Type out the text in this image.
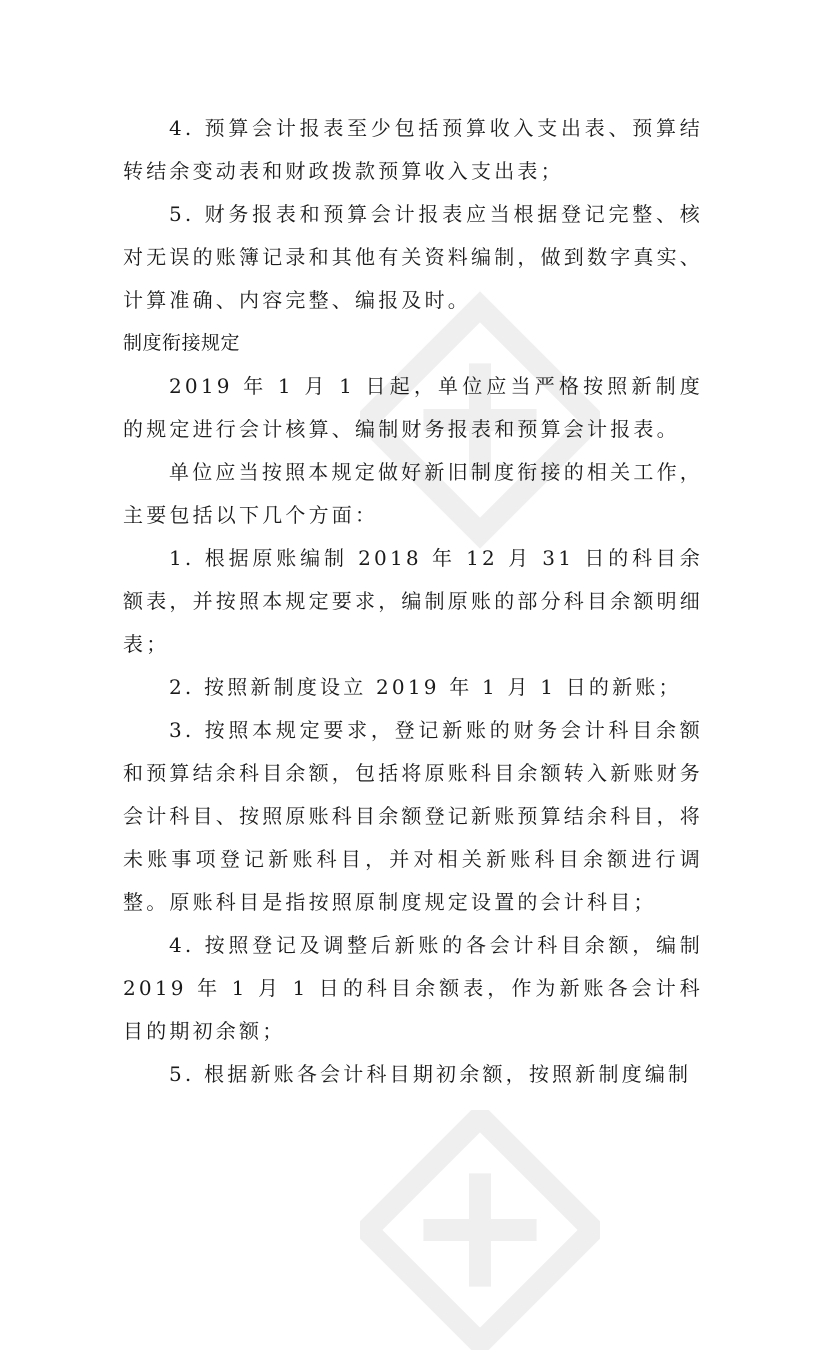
4. 预算会计报表至少包括预算收入支出表、预算结转结余变动表和财政拨款预算收入支出表；

5. 财务报表和预算会计报表应当根据登记完整、核对无误的账簿记录和其他有关资料编制，做到数字真实、计算准确、内容完整、编报及时。

制度衔接规定

2019 年 1 月 1 日起，单位应当严格按照新制度的规定进行会计核算、编制财务报表和预算会计报表。

单位应当按照本规定做好新旧制度衔接的相关工作，主要包括以下几个方面：

1. 根据原账编制 2018 年 12 月 31 日的科目余额表，并按照本规定要求，编制原账的部分科目余额明细表；

2. 按照新制度设立 2019 年 1 月 1 日的新账；

3. 按照本规定要求，登记新账的财务会计科目余额和预算结余科目余额，包括将原账科目余额转入新账财务会计科目、按照原账科目余额登记新账预算结余科目，将未账事项登记新账科目，并对相关新账科目余额进行调整。原账科目是指按照原制度规定设置的会计科目；

4. 按照登记及调整后新账的各会计科目余额，编制 2019 年 1 月 1 日的科目余额表，作为新账各会计科目的期初余额；

5. 根据新账各会计科目期初余额，按照新制度编制
